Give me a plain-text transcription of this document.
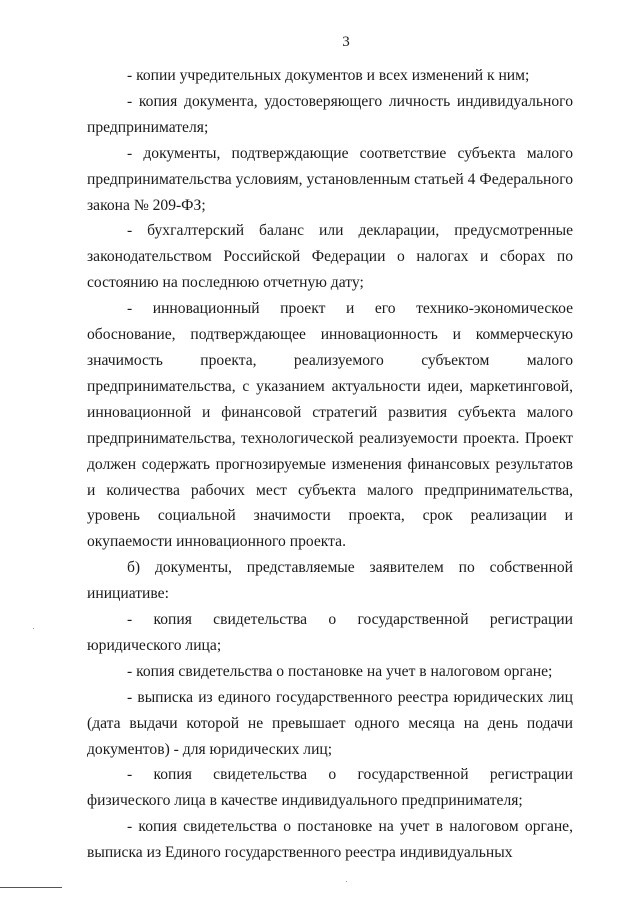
3

- копии учредительных документов и всех изменений к ним;

- копия документа, удостоверяющего личность индивидуального предпринимателя;

- документы, подтверждающие соответствие субъекта малого предпринимательства условиям, установленным статьей 4 Федерального закона № 209-ФЗ;

- бухгалтерский баланс или декларации, предусмотренные законодательством Российской Федерации о налогах и сборах по состоянию на последнюю отчетную дату;

- инновационный проект и его технико-экономическое обоснование, подтверждающее инновационность и коммерческую значимость проекта, реализуемого субъектом малого предпринимательства, с указанием актуальности идеи, маркетинговой, инновационной и финансовой стратегий развития субъекта малого предпринимательства, технологической реализуемости проекта. Проект должен содержать прогнозируемые изменения финансовых результатов и количества рабочих мест субъекта малого предпринимательства, уровень социальной значимости проекта, срок реализации и окупаемости инновационного проекта.

б) документы, представляемые заявителем по собственной инициативе:

- копия свидетельства о государственной регистрации юридического лица;

- копия свидетельства о постановке на учет в налоговом органе;

- выписка из единого государственного реестра юридических лиц (дата выдачи которой не превышает одного месяца на день подачи документов) - для юридических лиц;

- копия свидетельства о государственной регистрации физического лица в качестве индивидуального предпринимателя;

- копия свидетельства о постановке на учет в налоговом органе, выписка из Единого государственного реестра индивидуальных
